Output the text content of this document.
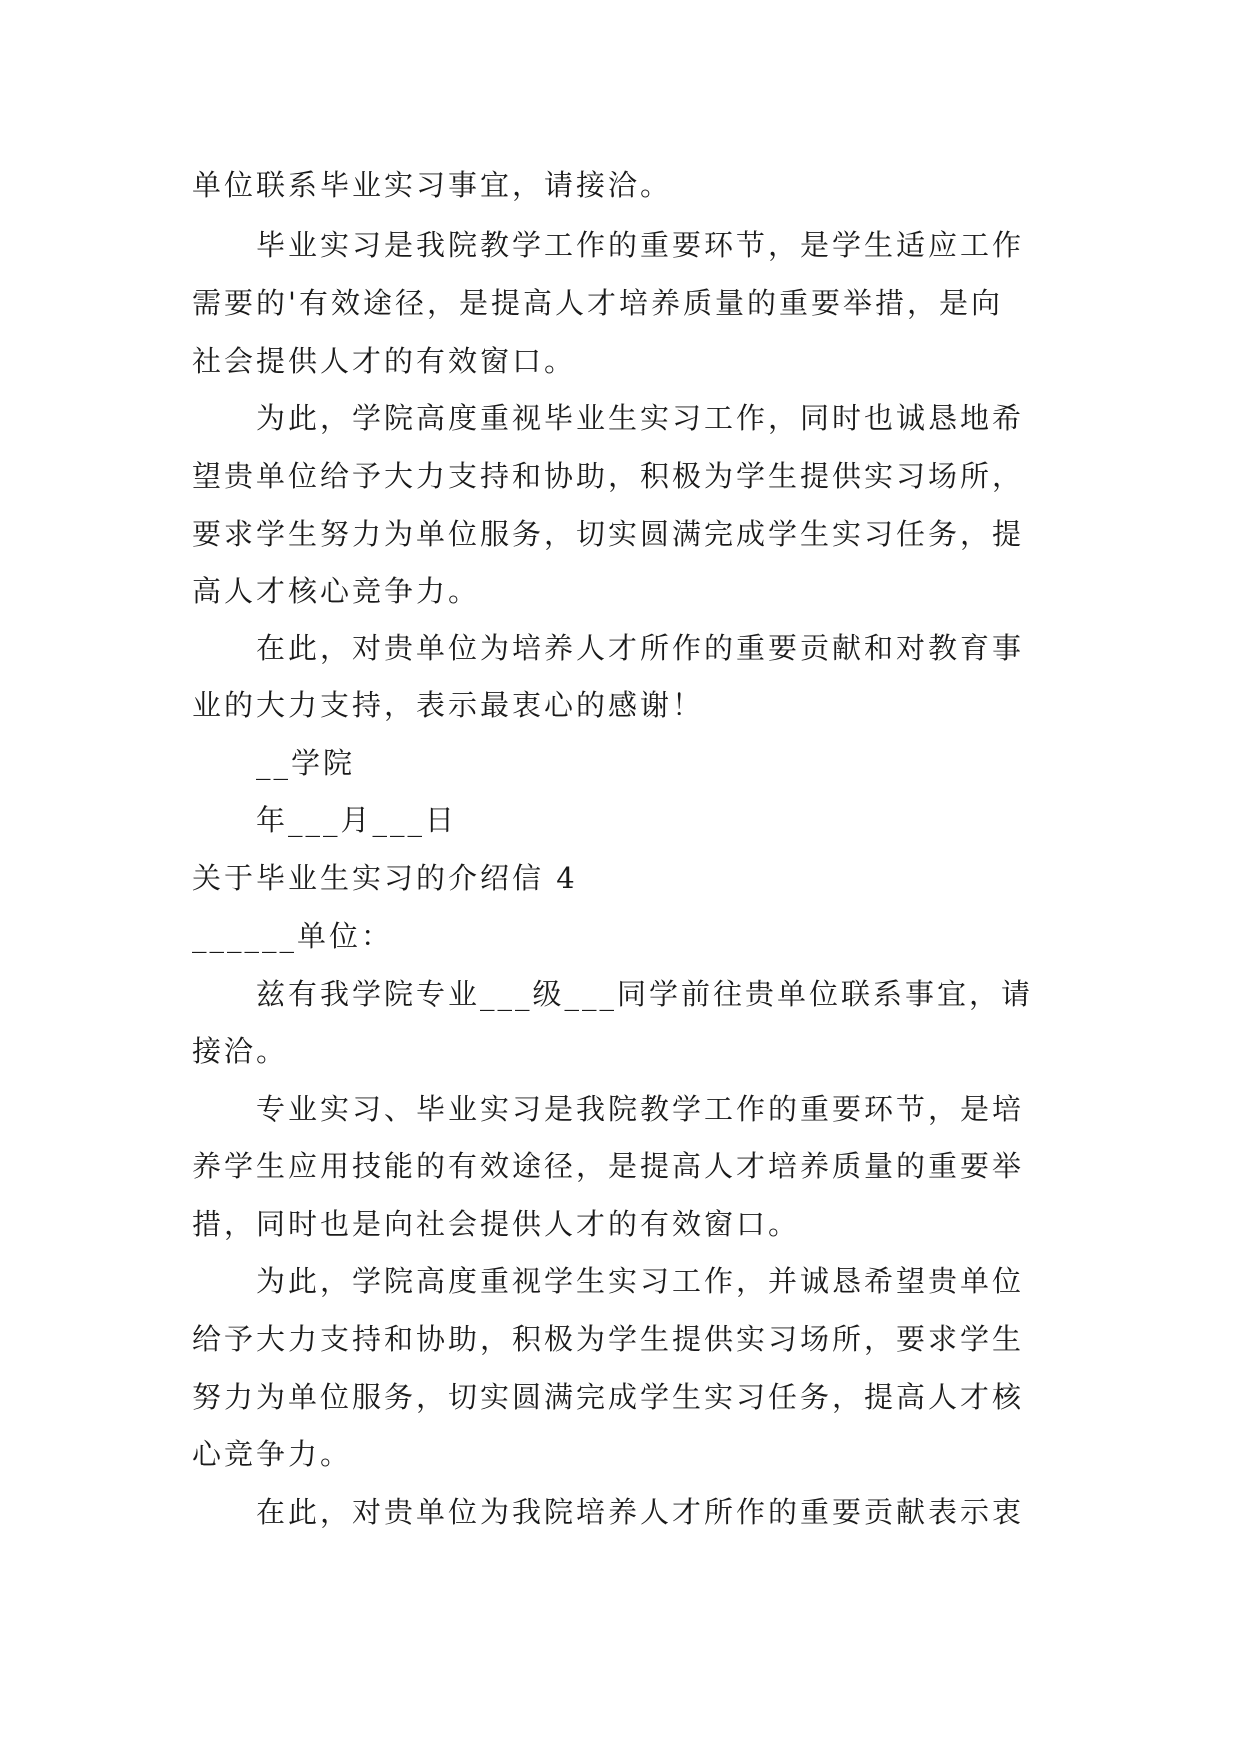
单位联系毕业实习事宜，请接洽。
毕业实习是我院教学工作的重要环节，是学生适应工作
需要的'有效途径，是提高人才培养质量的重要举措，是向
社会提供人才的有效窗口。
为此，学院高度重视毕业生实习工作，同时也诚恳地希
望贵单位给予大力支持和协助，积极为学生提供实习场所，
要求学生努力为单位服务，切实圆满完成学生实习任务，提
高人才核心竞争力。
在此，对贵单位为培养人才所作的重要贡献和对教育事
业的大力支持，表示最衷心的感谢！
__学院
年___月___日
关于毕业生实习的介绍信 4
______单位：
兹有我学院专业___级___同学前往贵单位联系事宜，请
接洽。
专业实习、毕业实习是我院教学工作的重要环节，是培
养学生应用技能的有效途径，是提高人才培养质量的重要举
措，同时也是向社会提供人才的有效窗口。
为此，学院高度重视学生实习工作，并诚恳希望贵单位
给予大力支持和协助，积极为学生提供实习场所，要求学生
努力为单位服务，切实圆满完成学生实习任务，提高人才核
心竞争力。
在此，对贵单位为我院培养人才所作的重要贡献表示衷
